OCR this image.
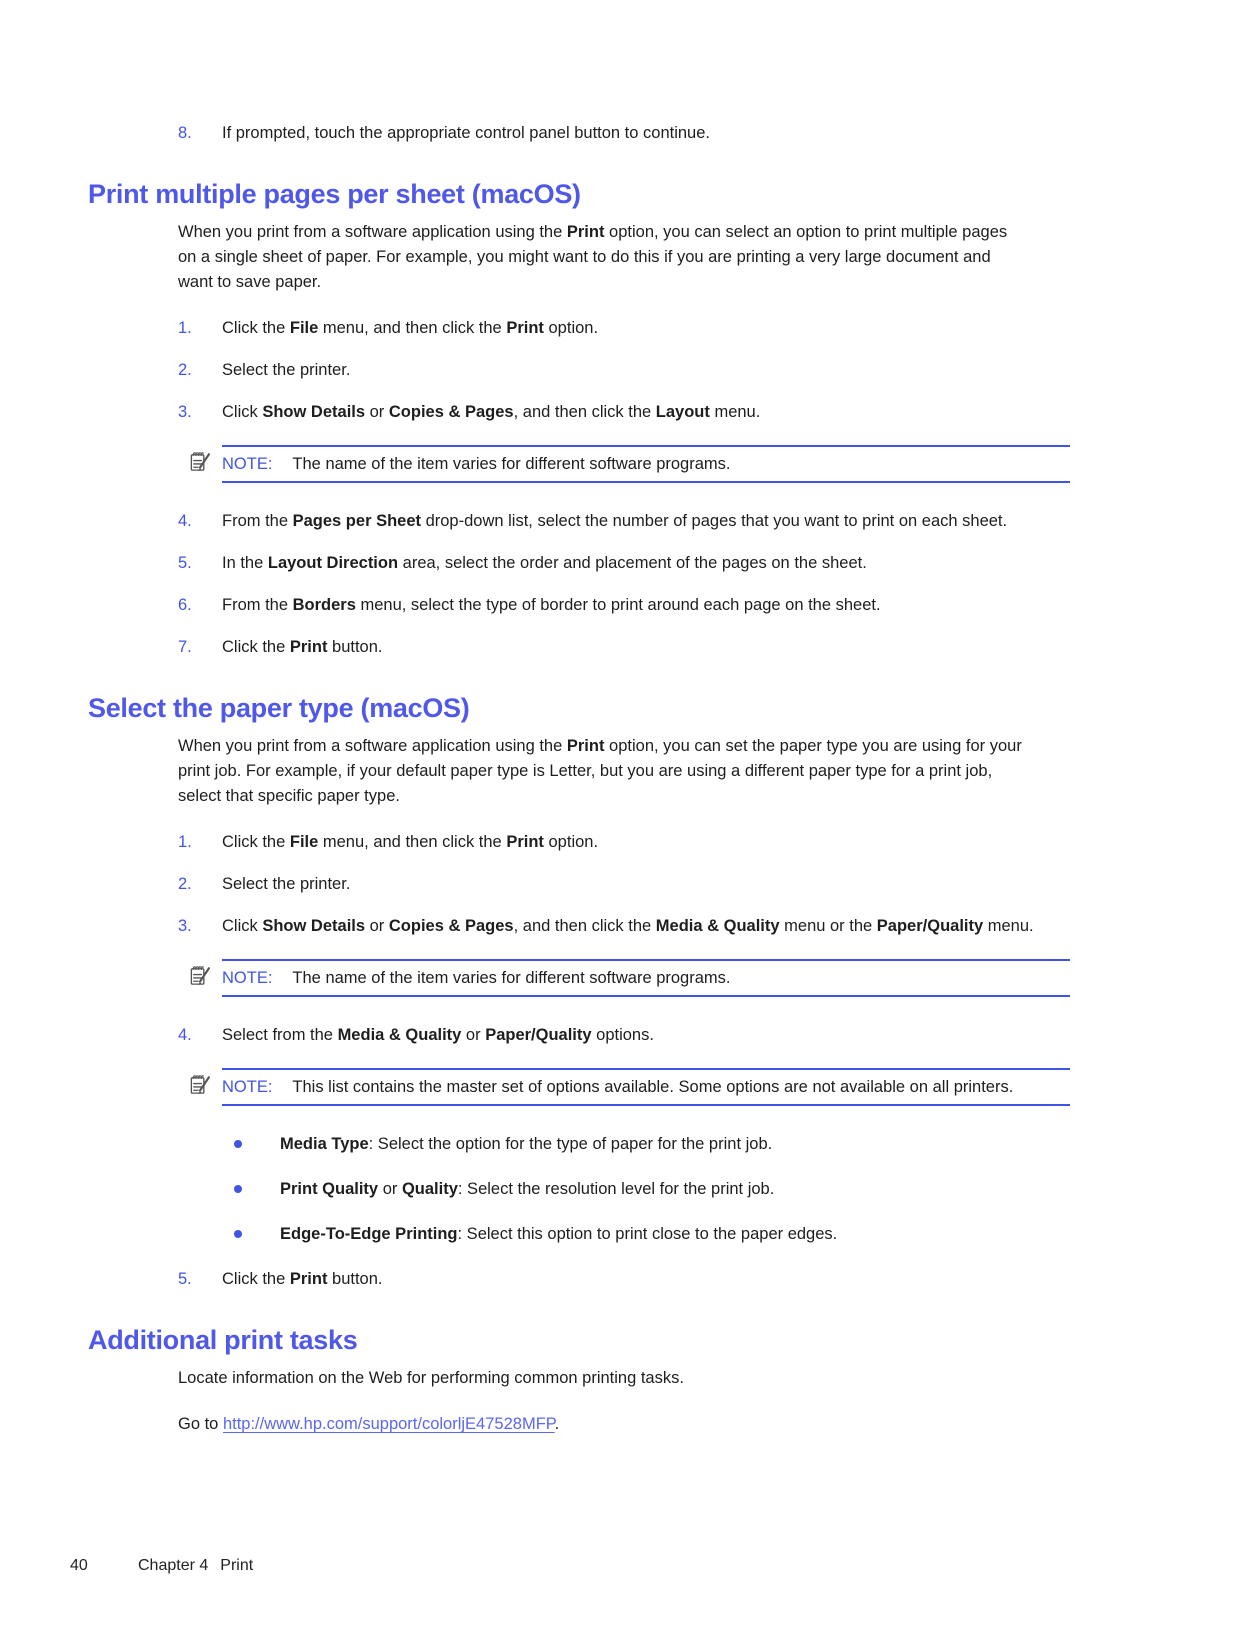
8.	If prompted, touch the appropriate control panel button to continue.
Print multiple pages per sheet (macOS)

When you print from a software application using the Print option, you can select an option to print multiple pages on a single sheet of paper. For example, you might want to do this if you are printing a very large document and want to save paper.

1.	Click the File menu, and then click the Print option.
2.	Select the printer.
3.	Click Show Details or Copies & Pages, and then click the Layout menu.
NOTE: The name of the item varies for different software programs.
4.	From the Pages per Sheet drop-down list, select the number of pages that you want to print on each sheet.
5.	In the Layout Direction area, select the order and placement of the pages on the sheet.
6.	From the Borders menu, select the type of border to print around each page on the sheet.
7.	Click the Print button.
Select the paper type (macOS)

When you print from a software application using the Print option, you can set the paper type you are using for your print job. For example, if your default paper type is Letter, but you are using a different paper type for a print job, select that specific paper type.

1.	Click the File menu, and then click the Print option.
2.	Select the printer.
3.	Click Show Details or Copies & Pages, and then click the Media & Quality menu or the Paper/Quality menu.
NOTE: The name of the item varies for different software programs.
4.	Select from the Media & Quality or Paper/Quality options.
NOTE: This list contains the master set of options available. Some options are not available on all printers.
Media Type: Select the option for the type of paper for the print job.
Print Quality or Quality: Select the resolution level for the print job.
Edge-To-Edge Printing: Select this option to print close to the paper edges.
5.	Click the Print button.
Additional print tasks

Locate information on the Web for performing common printing tasks.

Go to http://www.hp.com/support/colorljE47528MFP.

40	Chapter 4 Print
